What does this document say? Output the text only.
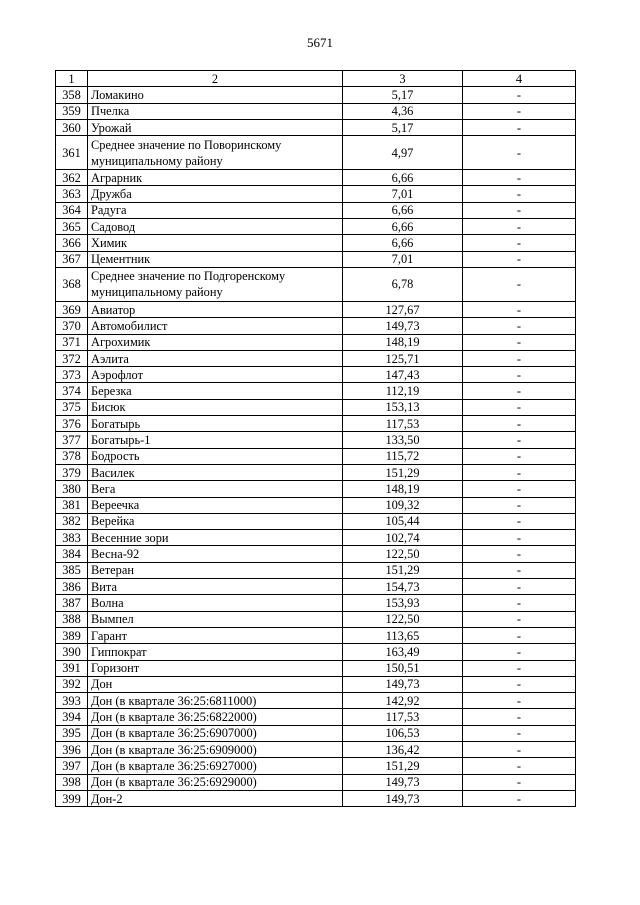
5671
1	2	3	4
358	Ломакино	5,17	-
359	Пчелка	4,36	-
360	Урожай	5,17	-
361	Среднее значение по Поворинскому муниципальному району	4,97	-
362	Аграрник	6,66	-
363	Дружба	7,01	-
364	Радуга	6,66	-
365	Садовод	6,66	-
366	Химик	6,66	-
367	Цементник	7,01	-
368	Среднее значение по Подгоренскому муниципальному району	6,78	-
369	Авиатор	127,67	-
370	Автомобилист	149,73	-
371	Агрохимик	148,19	-
372	Аэлита	125,71	-
373	Аэрофлот	147,43	-
374	Березка	112,19	-
375	Бисюк	153,13	-
376	Богатырь	117,53	-
377	Богатырь-1	133,50	-
378	Бодрость	115,72	-
379	Василек	151,29	-
380	Вега	148,19	-
381	Вереечка	109,32	-
382	Верейка	105,44	-
383	Весенние зори	102,74	-
384	Весна-92	122,50	-
385	Ветеран	151,29	-
386	Вита	154,73	-
387	Волна	153,93	-
388	Вымпел	122,50	-
389	Гарант	113,65	-
390	Гиппократ	163,49	-
391	Горизонт	150,51	-
392	Дон	149,73	-
393	Дон (в квартале 36:25:6811000)	142,92	-
394	Дон (в квартале 36:25:6822000)	117,53	-
395	Дон (в квартале 36:25:6907000)	106,53	-
396	Дон (в квартале 36:25:6909000)	136,42	-
397	Дон (в квартале 36:25:6927000)	151,29	-
398	Дон (в квартале 36:25:6929000)	149,73	-
399	Дон-2	149,73	-
